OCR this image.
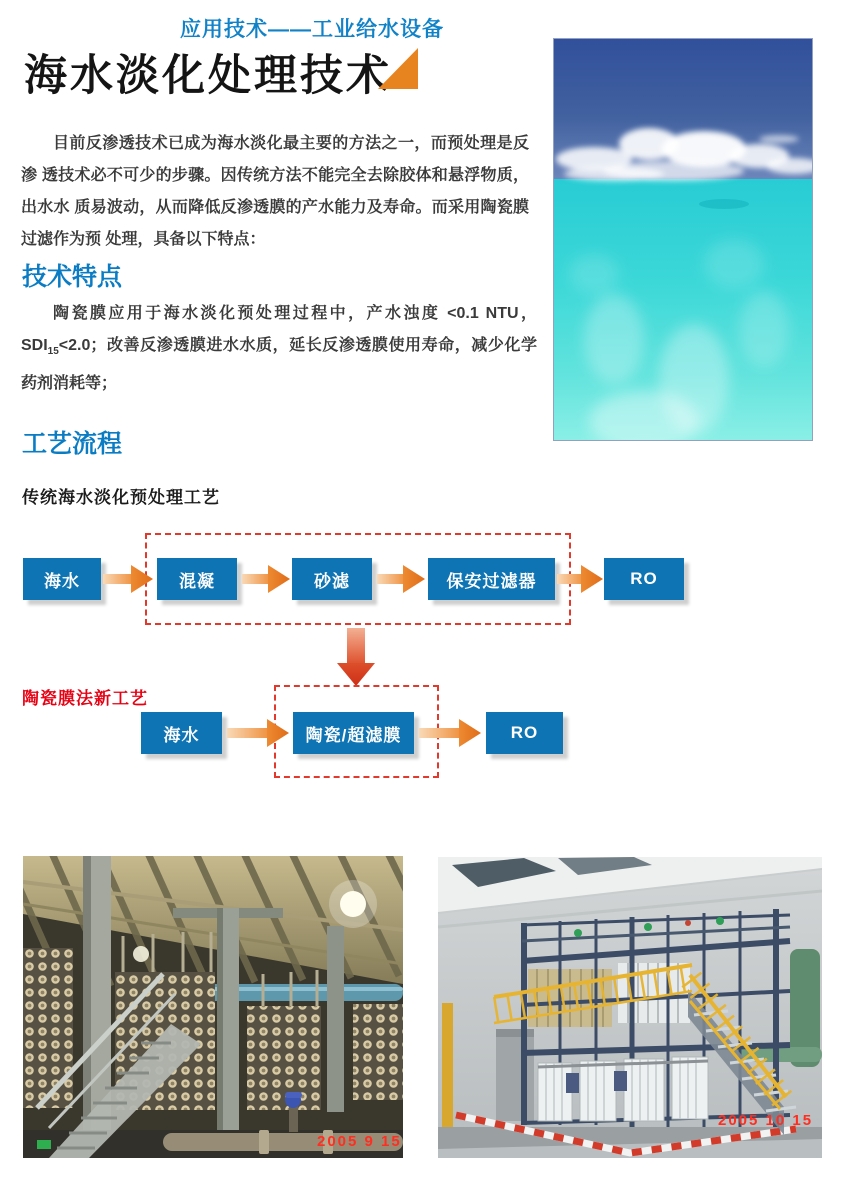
应用技术——工业给水设备
海水淡化处理技术

目前反渗透技术已成为海水淡化最主要的方法之一，而预处理是反渗 透技术必不可少的步骤。因传统方法不能完全去除胶体和悬浮物质，出水水 质易波动，从而降低反渗透膜的产水能力及寿命。而采用陶瓷膜过滤作为预 处理，具备以下特点：

技术特点

陶瓷膜应用于海水淡化预处理过程中，产水浊度 <0.1 NTU，$SDI_{15}<2.0$；改善反渗透膜进水水质，延长反渗透膜使用寿命，减少化学药剂消耗等；

工艺流程
传统海水淡化预处理工艺
海水	混凝	砂滤	保安过滤器	RO
陶瓷膜法新工艺
海水	陶瓷/超滤膜	RO
2005 9 15
2005 10 15
